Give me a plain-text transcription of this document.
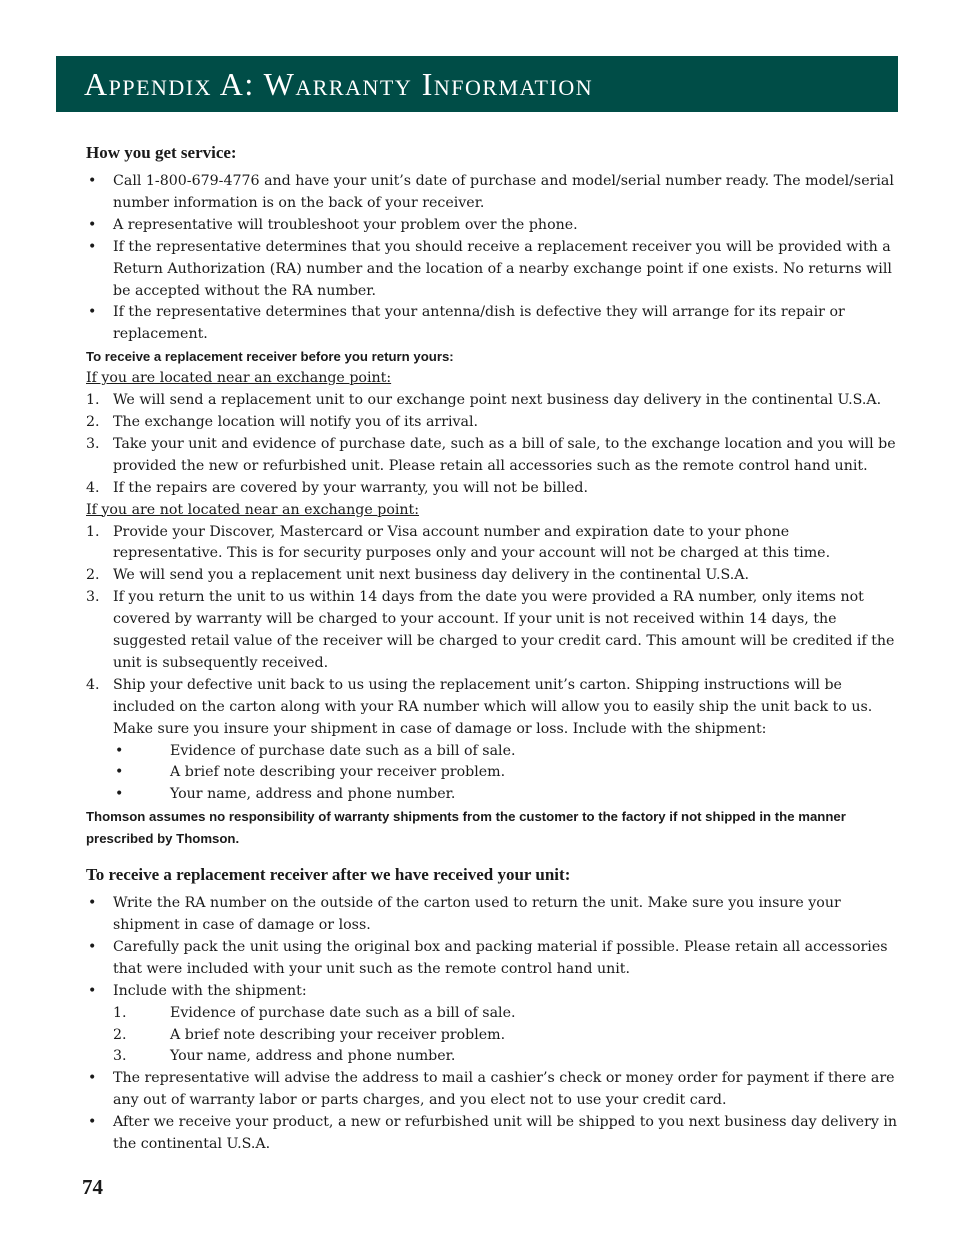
Appendix A: Warranty Information
How you get service:
•	Call 1-800-679-4776 and have your unit’s date of purchase and model/serial number ready. The model/serial number information is on the back of your receiver.
•	A representative will troubleshoot your problem over the phone.
•	If the representative determines that you should receive a replacement receiver you will be provided with a Return Authorization (RA) number and the location of a nearby exchange point if one exists. No returns will be accepted without the RA number.
•	If the representative determines that your antenna/dish is defective they will arrange for its repair or replacement.
To receive a replacement receiver before you return yours:
If you are located near an exchange point:
1. We will send a replacement unit to our exchange point next business day delivery in the continental U.S.A.
2. The exchange location will notify you of its arrival.
3. Take your unit and evidence of purchase date, such as a bill of sale, to the exchange location and you will be provided the new or refurbished unit. Please retain all accessories such as the remote control hand unit.
4. If the repairs are covered by your warranty, you will not be billed.
If you are not located near an exchange point:
1. Provide your Discover, Mastercard or Visa account number and expiration date to your phone representative. This is for security purposes only and your account will not be charged at this time.
2. We will send you a replacement unit next business day delivery in the continental U.S.A.
3. If you return the unit to us within 14 days from the date you were provided a RA number, only items not covered by warranty will be charged to your account. If your unit is not received within 14 days, the suggested retail value of the receiver will be charged to your credit card. This amount will be credited if the unit is subsequently received.
4. Ship your defective unit back to us using the replacement unit’s carton. Shipping instructions will be included on the carton along with your RA number which will allow you to easily ship the unit back to us. Make sure you insure your shipment in case of damage or loss. Include with the shipment:
•	Evidence of purchase date such as a bill of sale.
•	A brief note describing your receiver problem.
•	Your name, address and phone number.
Thomson assumes no responsibility of warranty shipments from the customer to the factory if not shipped in the manner prescribed by Thomson.
To receive a replacement receiver after we have received your unit:
•	Write the RA number on the outside of the carton used to return the unit. Make sure you insure your shipment in case of damage or loss.
•	Carefully pack the unit using the original box and packing material if possible. Please retain all accessories that were included with your unit such as the remote control hand unit.
•	Include with the shipment:
1.	Evidence of purchase date such as a bill of sale.
2.	A brief note describing your receiver problem.
3.	Your name, address and phone number.
•	The representative will advise the address to mail a cashier’s check or money order for payment if there are any out of warranty labor or parts charges, and you elect not to use your credit card.
•	After we receive your product, a new or refurbished unit will be shipped to you next business day delivery in the continental U.S.A.
74
